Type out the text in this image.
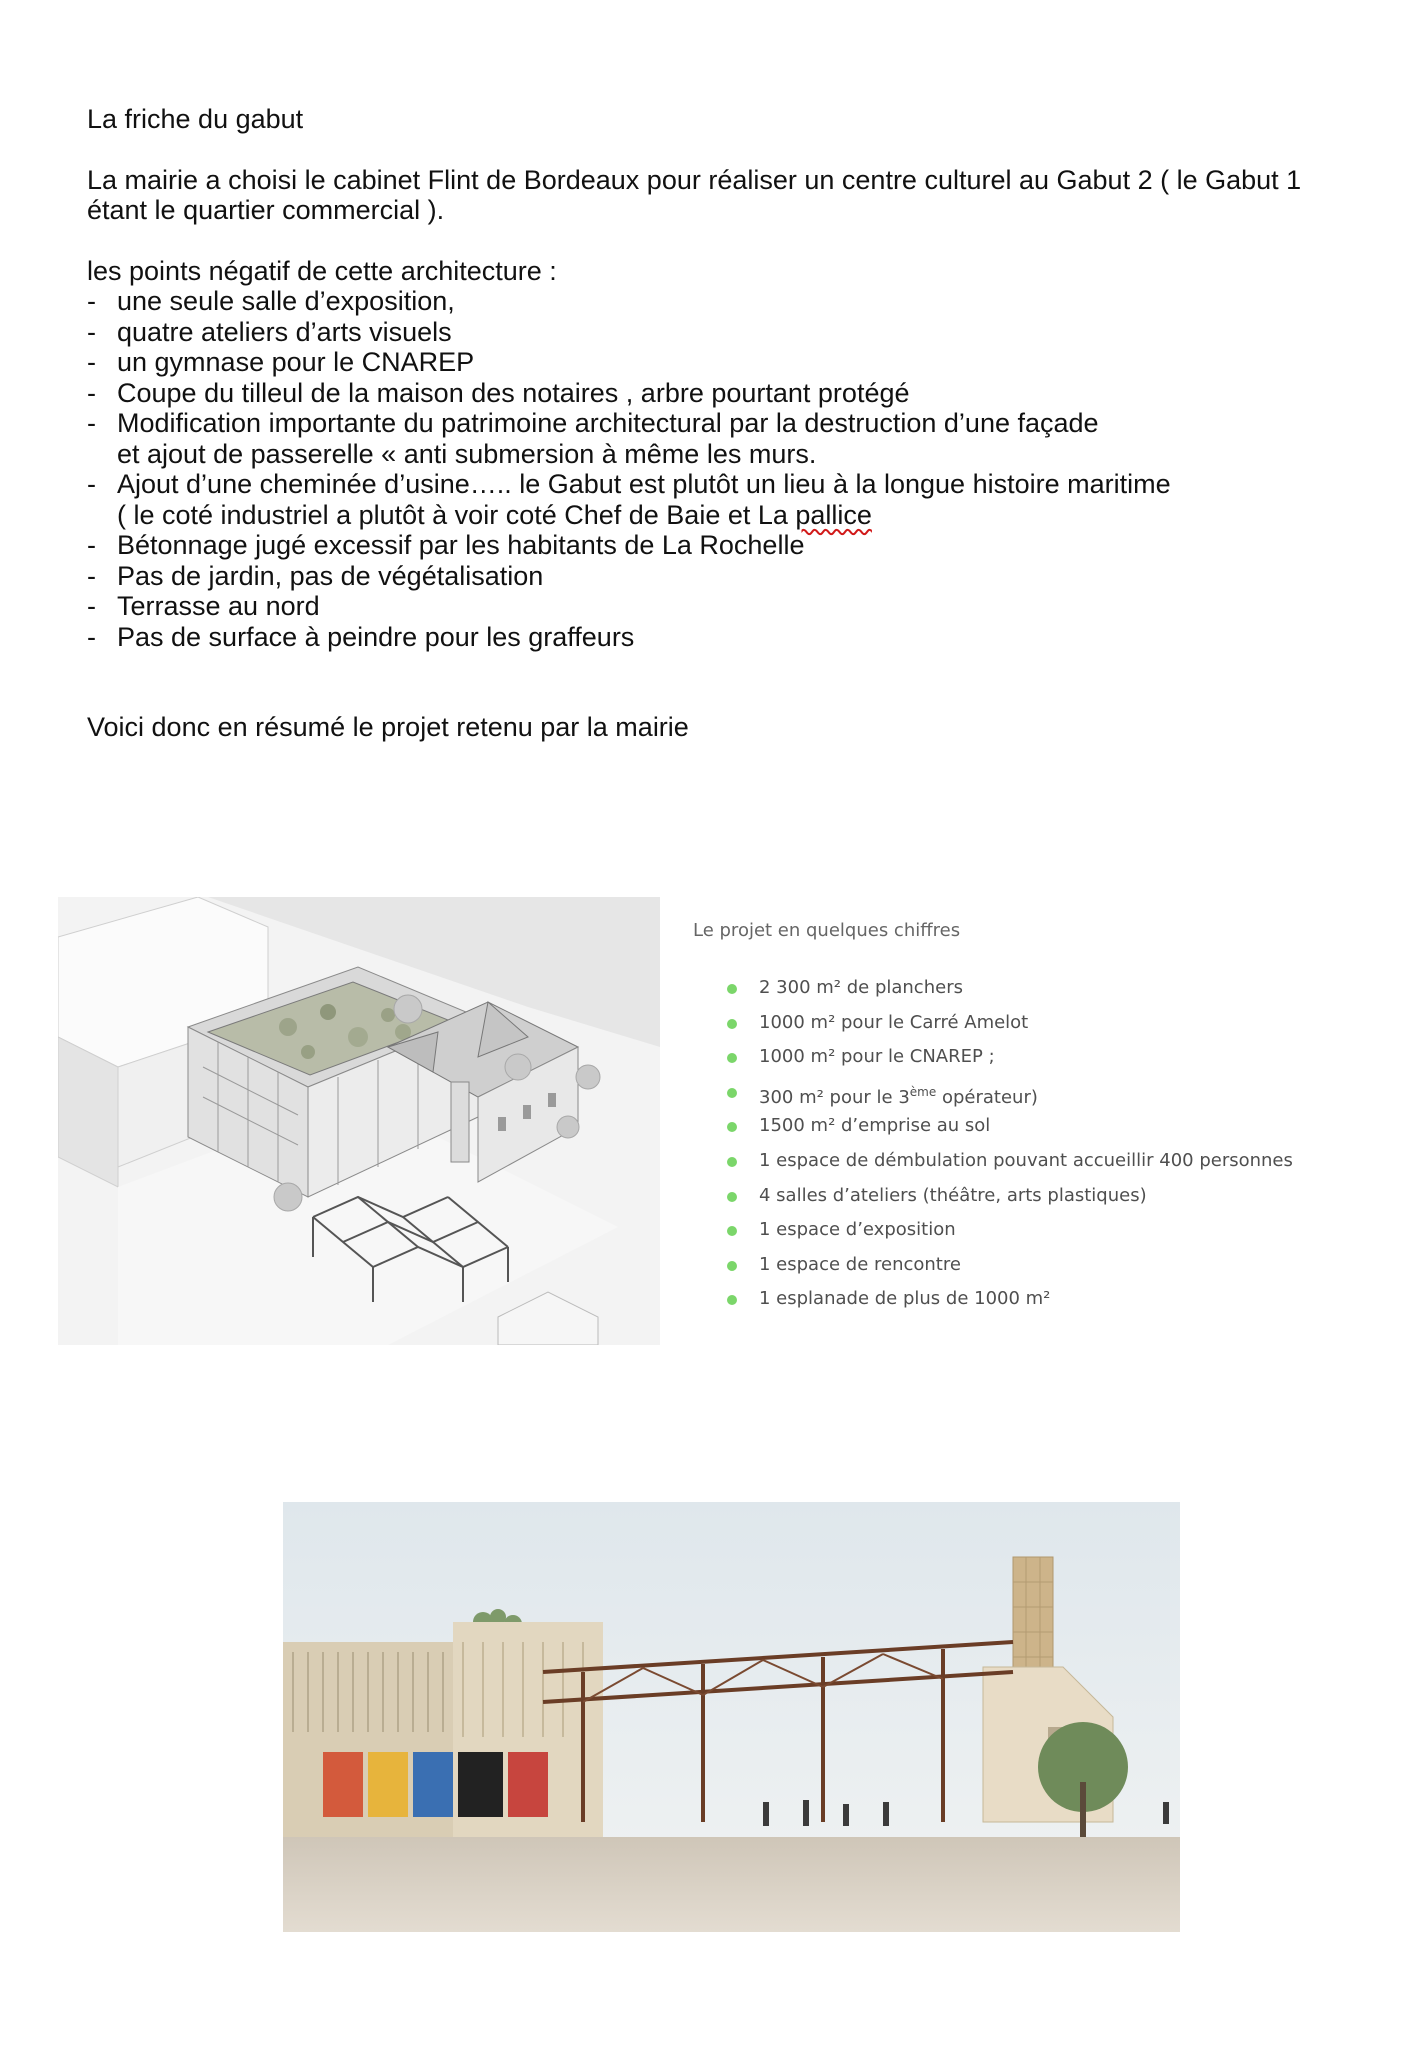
La friche du gabut

La mairie a choisi le cabinet Flint de Bordeaux pour réaliser un centre culturel au Gabut 2 ( le Gabut 1 étant le quartier commercial ).

les points négatif de cette architecture :

- une seule salle d’exposition,
- quatre ateliers d’arts visuels
- un gymnase pour le CNAREP
- Coupe du tilleul de la maison des notaires , arbre pourtant protégé
- Modification importante du patrimoine architectural par la destruction d’une façade
et ajout de passerelle « anti submersion à même les murs.
- Ajout d’une cheminée d’usine….. le Gabut est plutôt un lieu à la longue histoire maritime
( le coté industriel a plutôt à voir coté Chef de Baie et La pallice
- Bétonnage jugé excessif par les habitants de La Rochelle
- Pas de jardin, pas de végétalisation
- Terrasse au nord
- Pas de surface à peindre pour les graffeurs

Voici donc en résumé le projet retenu par la mairie

Le projet en quelques chiffres

2 300 m² de planchers
1000 m² pour le Carré Amelot
1000 m² pour le CNAREP ;
300 m² pour le 3ème opérateur)
1500 m² d’emprise au sol
1 espace de démbulation pouvant accueillir 400 personnes
4 salles d’ateliers (théâtre, arts plastiques)
1 espace d’exposition
1 espace de rencontre
1 esplanade de plus de 1000 m²
